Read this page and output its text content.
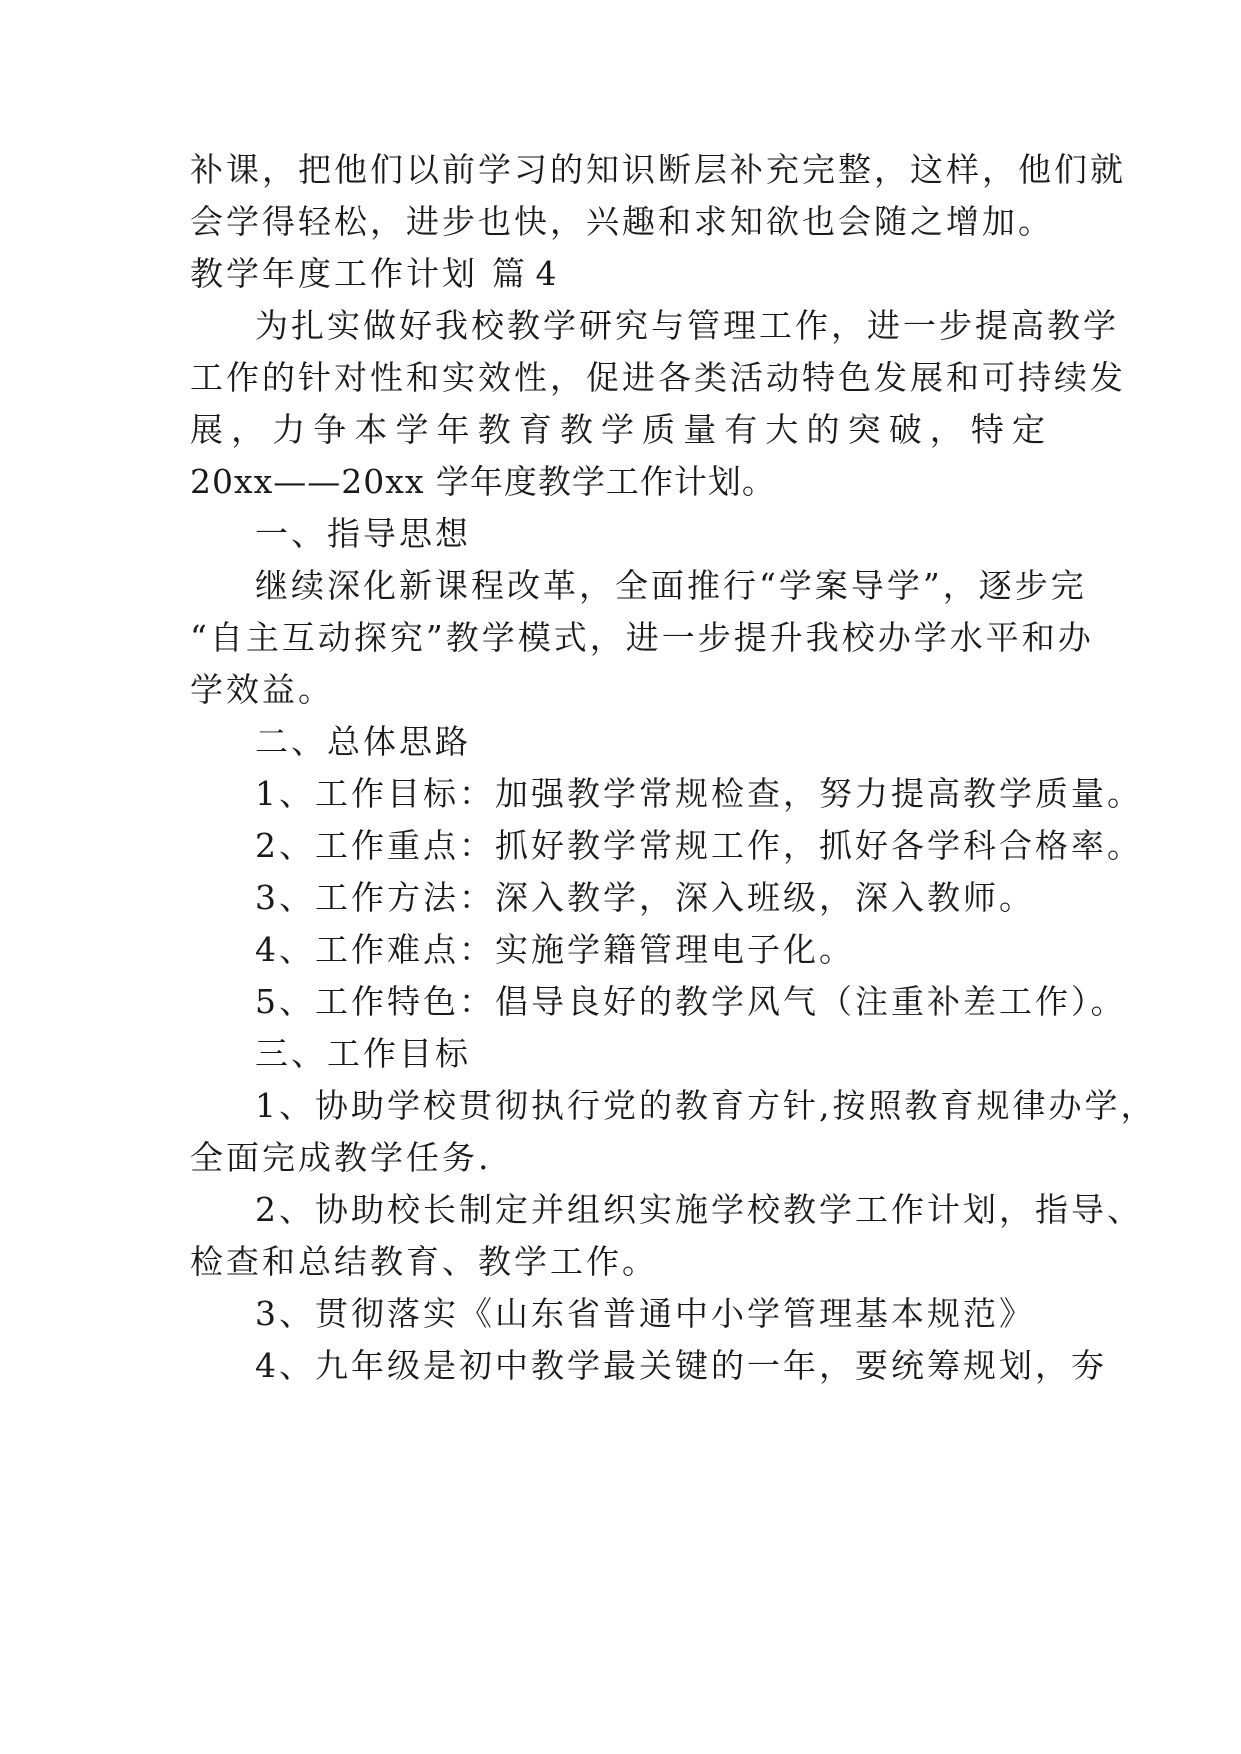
补课，把他们以前学习的知识断层补充完整，这样，他们就
会学得轻松，进步也快，兴趣和求知欲也会随之增加。
教学年度工作计划 篇 4
为扎实做好我校教学研究与管理工作，进一步提高教学
工作的针对性和实效性，促进各类活动特色发展和可持续发
展，力争本学年教育教学质量有大的突破，特定
20xx——20xx 学年度教学工作计划。
一、指导思想
继续深化新课程改革，全面推行“学案导学”，逐步完
“自主互动探究”教学模式，进一步提升我校办学水平和办
学效益。
二、总体思路
1、工作目标：加强教学常规检查，努力提高教学质量。
2、工作重点：抓好教学常规工作，抓好各学科合格率。
3、工作方法：深入教学，深入班级，深入教师。
4、工作难点：实施学籍管理电子化。
5、工作特色：倡导良好的教学风气（注重补差工作）。
三、工作目标
1、协助学校贯彻执行党的教育方针,按照教育规律办学，
全面完成教学任务.
2、协助校长制定并组织实施学校教学工作计划，指导、
检查和总结教育、教学工作。
3、贯彻落实《山东省普通中小学管理基本规范》
4、九年级是初中教学最关键的一年，要统筹规划，夯
